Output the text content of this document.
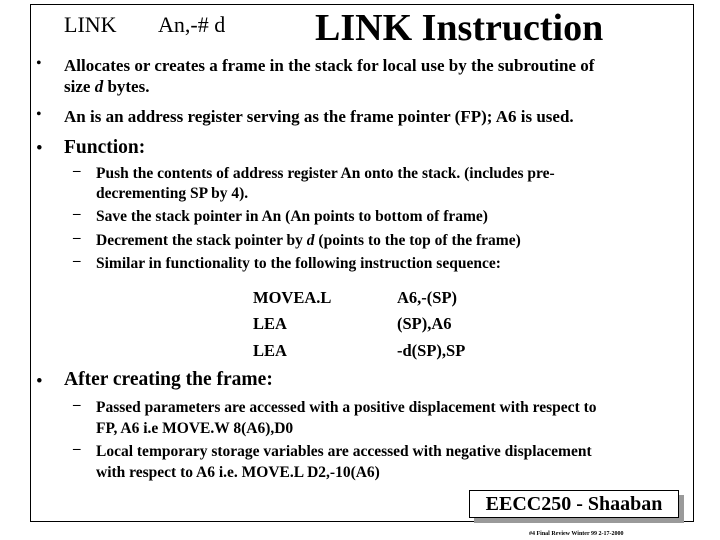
LINK An,-# d LINK Instruction
• Allocates or creates a frame in the stack for local use by the subroutine of
size d bytes.
• An is an address register serving as the frame pointer (FP); A6 is used.
• Function:
– Push the contents of address register An onto the stack. (includes pre-
decrementing SP by 4).
– Save the stack pointer in An (An points to bottom of frame)
– Decrement the stack pointer by d (points to the top of the frame)
– Similar in functionality to the following instruction sequence:
MOVEA.L	A6,-(SP)
LEA	(SP),A6
LEA	-d(SP),SP
• After creating the frame:
– Passed parameters are accessed with a positive displacement with respect to
FP, A6 i.e MOVE.W 8(A6),D0
– Local temporary storage variables are accessed with negative displacement
with respect to A6 i.e. MOVE.L D2,-10(A6)
EECC250 - Shaaban
#4 Final Review Winter 99 2-17-2000
